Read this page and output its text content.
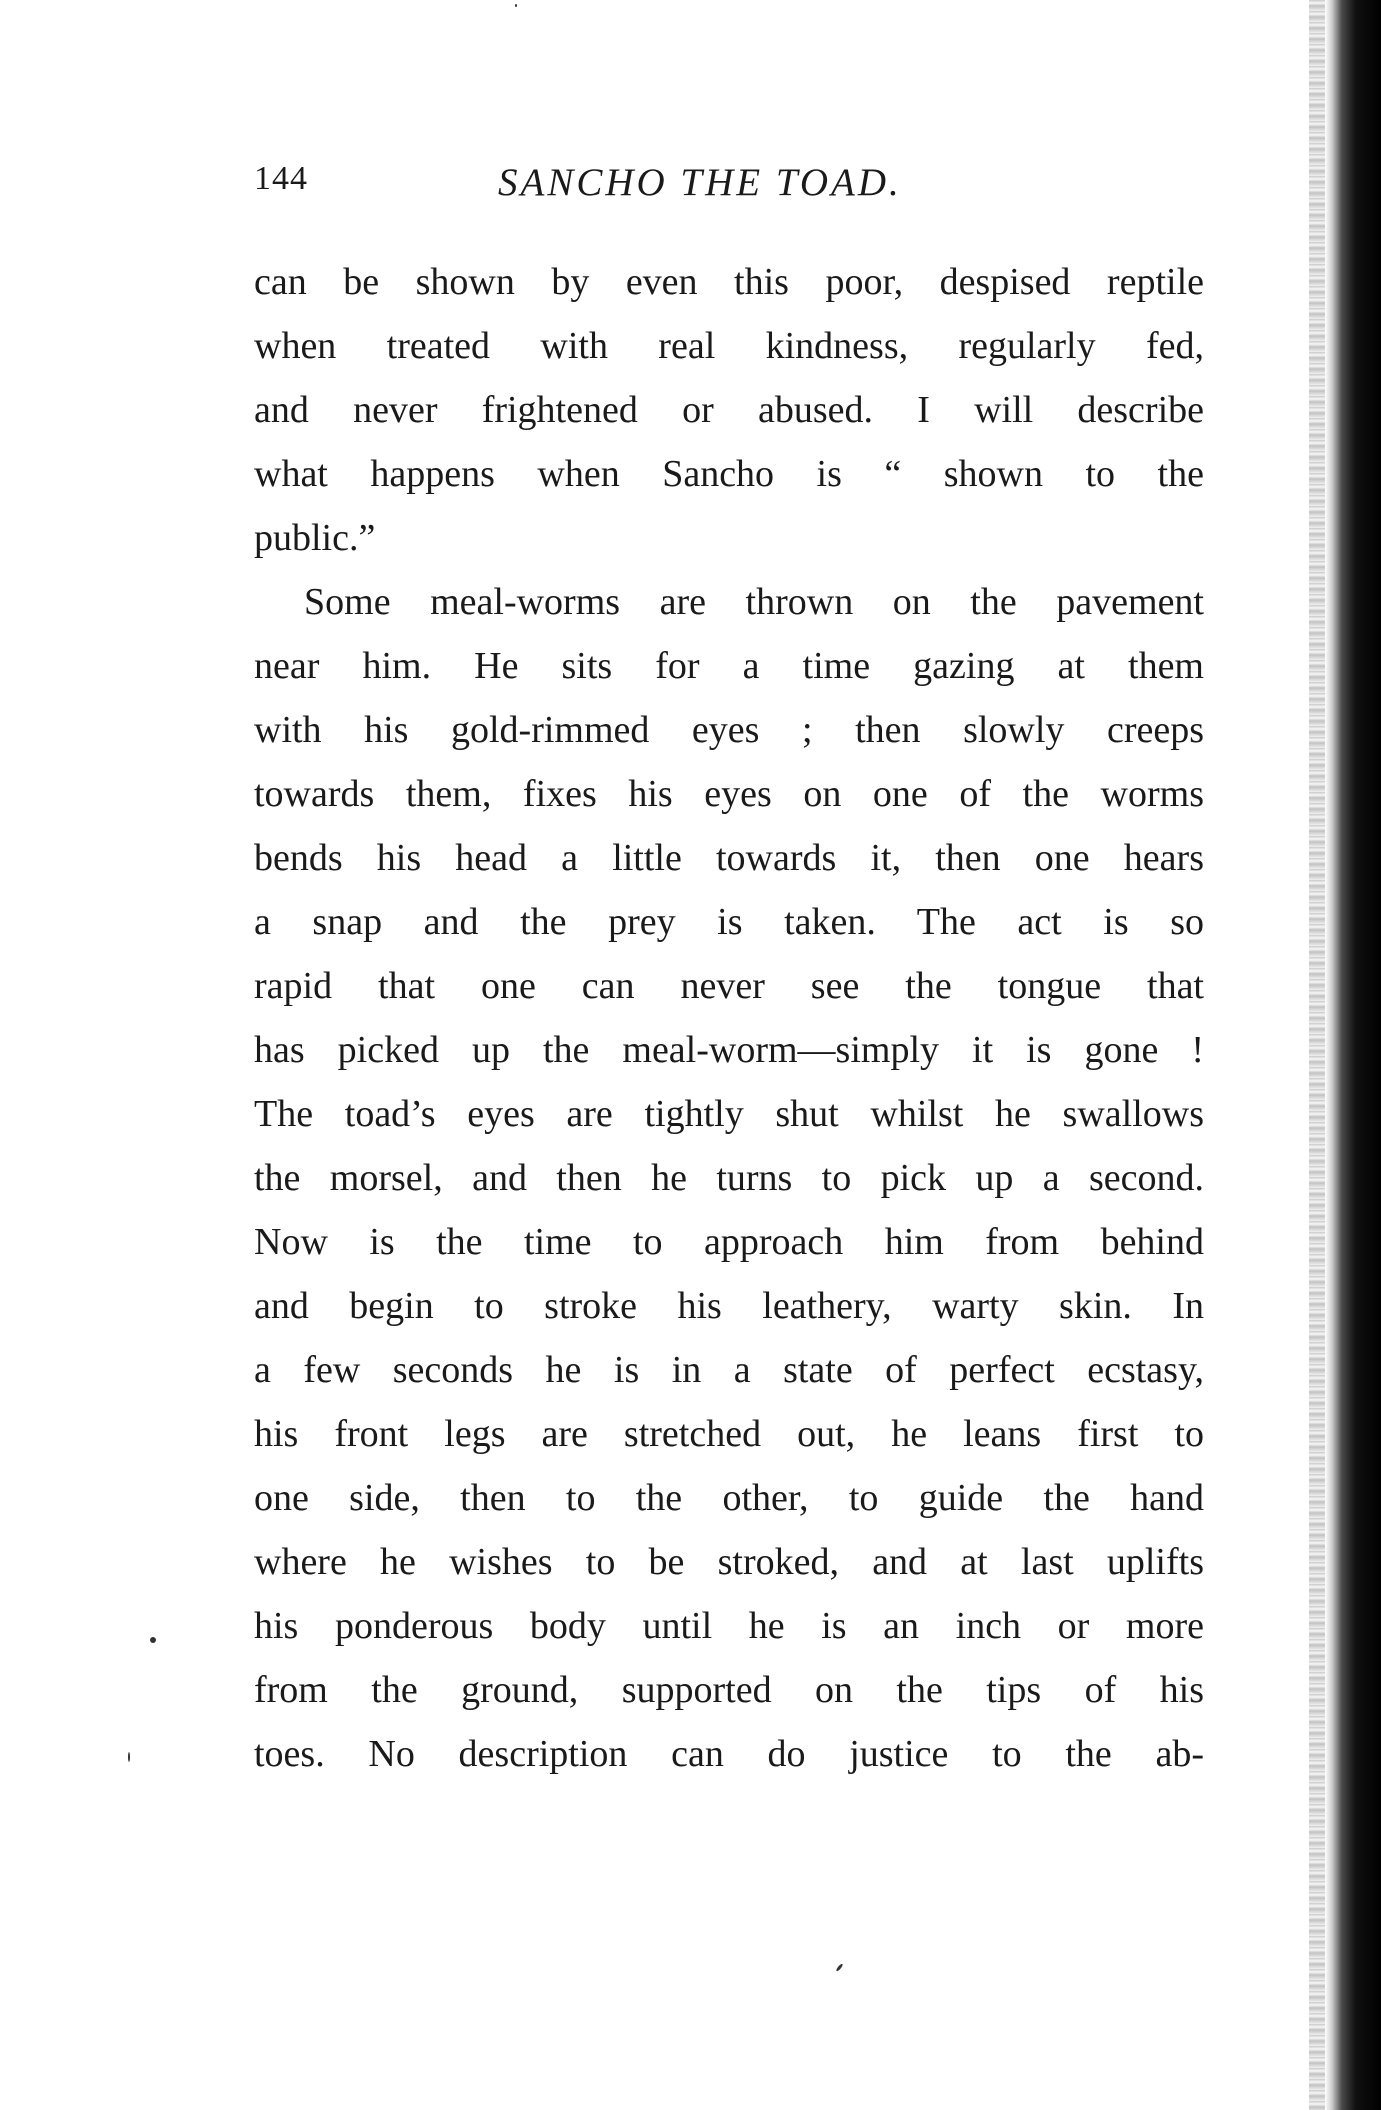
144	SANCHO THE TOAD.
can be shown by even this poor, despised reptile
when treated with real kindness, regularly fed,
and never frightened or abused. I will describe
what happens when Sancho is “ shown to the
public.”
Some meal-worms are thrown on the pavement
near him. He sits for a time gazing at them
with his gold-rimmed eyes ; then slowly creeps
towards them, fixes his eyes on one of the worms
bends his head a little towards it, then one hears
a snap and the prey is taken. The act is so
rapid that one can never see the tongue that
has picked up the meal-worm—simply it is gone !
The toad’s eyes are tightly shut whilst he swallows
the morsel, and then he turns to pick up a second.
Now is the time to approach him from behind
and begin to stroke his leathery, warty skin. In
a few seconds he is in a state of perfect ecstasy,
his front legs are stretched out, he leans first to
one side, then to the other, to guide the hand
where he wishes to be stroked, and at last uplifts
his ponderous body until he is an inch or more
from the ground, supported on the tips of his
toes. No description can do justice to the ab-
